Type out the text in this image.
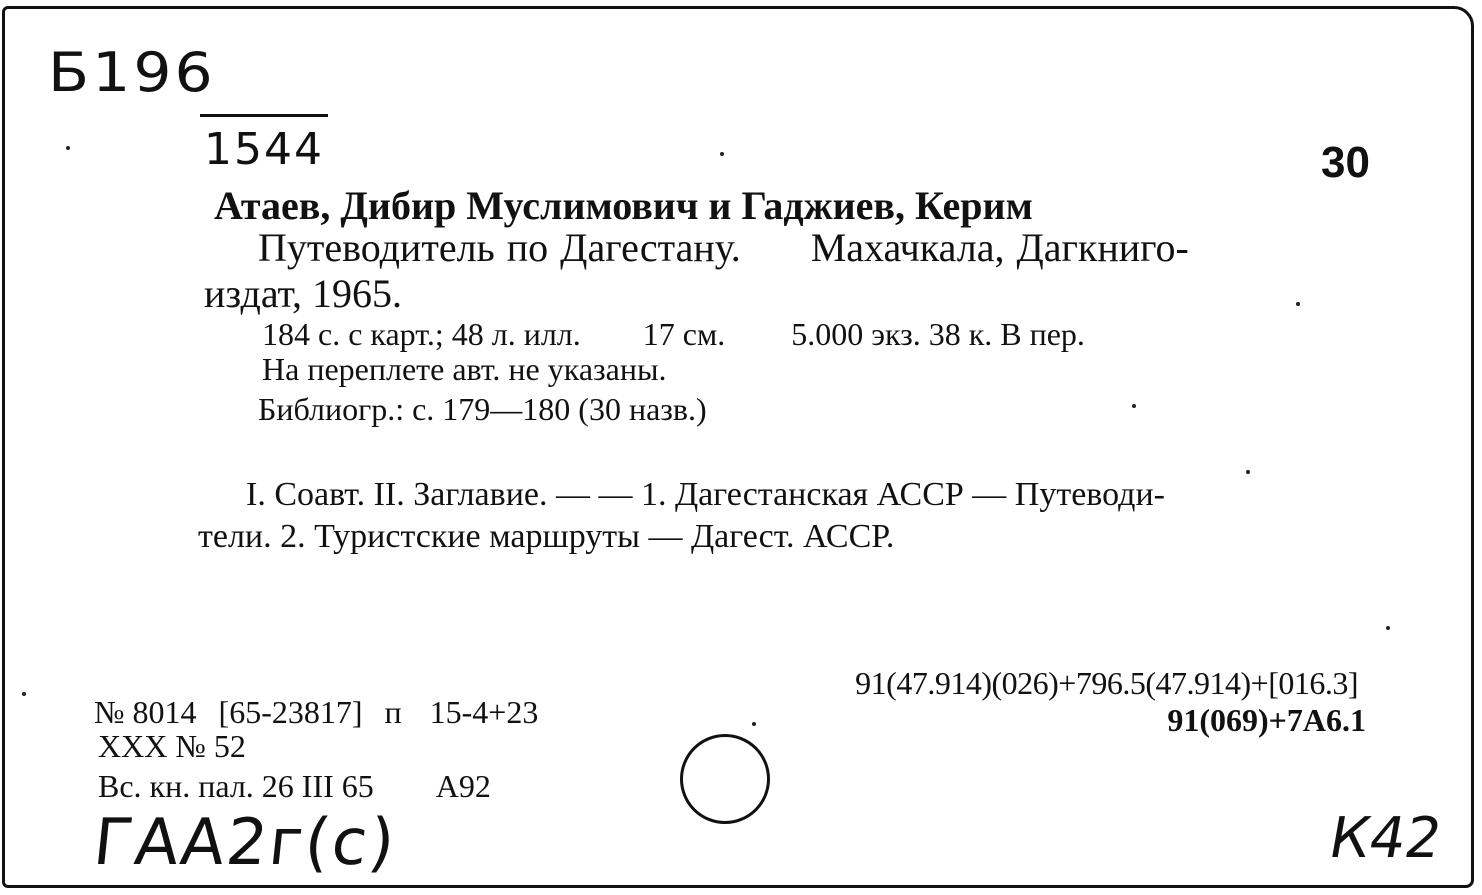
Б196
1544	30
Атаев, Дибир Муслимович и Гаджиев, Керим
Путеводитель по Дагестану. Махачкала, Дагкниго-
издат, 1965.
184 с. с карт.; 48 л. илл. 17 см. 5.000 экз. 38 к. В пер.
На переплете авт. не указаны.
Библиогр.: с. 179—180 (30 назв.)
I. Соавт. II. Заглавие. — — 1. Дагестанская АССР — Путеводи-
тели. 2. Туристские маршруты — Дагест. АССР.
91(47.914)(026)+796.5(47.914)+[016.3]
91(069)+7А6.1
№ 8014 [65-23817] п 15-4+23
XXX № 52
Вс. кн. пал. 26 III 65 А92
ГАА2г(с)	К42
